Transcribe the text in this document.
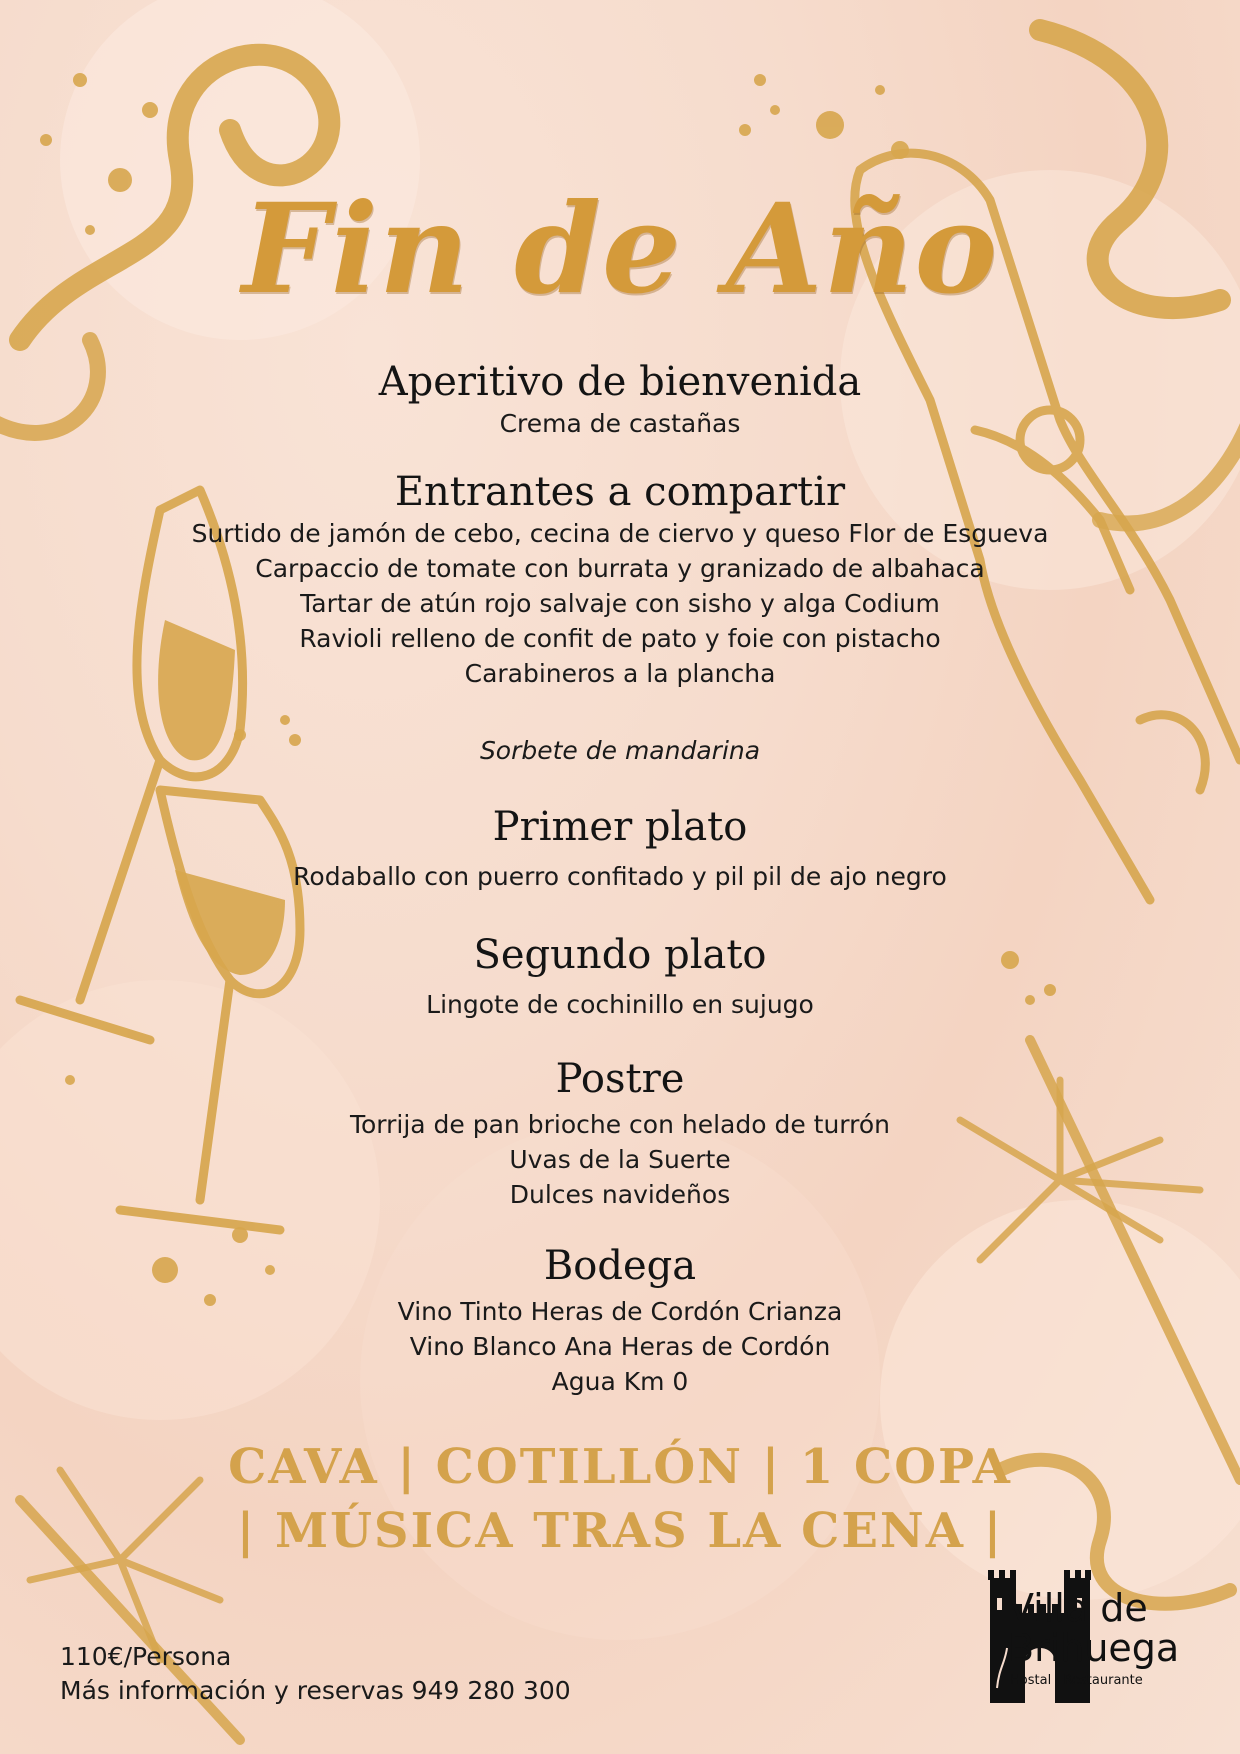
Fin de Año
Aperitivo de bienvenida
Crema de castañas
Entrantes a compartir
Surtido de jamón de cebo, cecina de ciervo y queso Flor de Esgueva
Carpaccio de tomate con burrata y granizado de albahaca
Tartar de atún rojo salvaje con sisho y alga Codium
Ravioli relleno de confit de pato y foie con pistacho
Carabineros a la plancha
Sorbete de mandarina
Primer plato
Rodaballo con puerro confitado y pil pil de ajo negro
Segundo plato
Lingote de cochinillo en sujugo
Postre
Torrija de pan brioche con helado de turrón
Uvas de la Suerte
Dulces navideños
Bodega
Vino Tinto Heras de Cordón Crianza
Vino Blanco Ana Heras de Cordón
Agua Km 0
CAVA | COTILLÓN | 1 COPA
| MÚSICA TRAS LA CENA |
110€/Persona
Más información y reservas 949 280 300
Villa de
Brihuega
Hostal · Restaurante
